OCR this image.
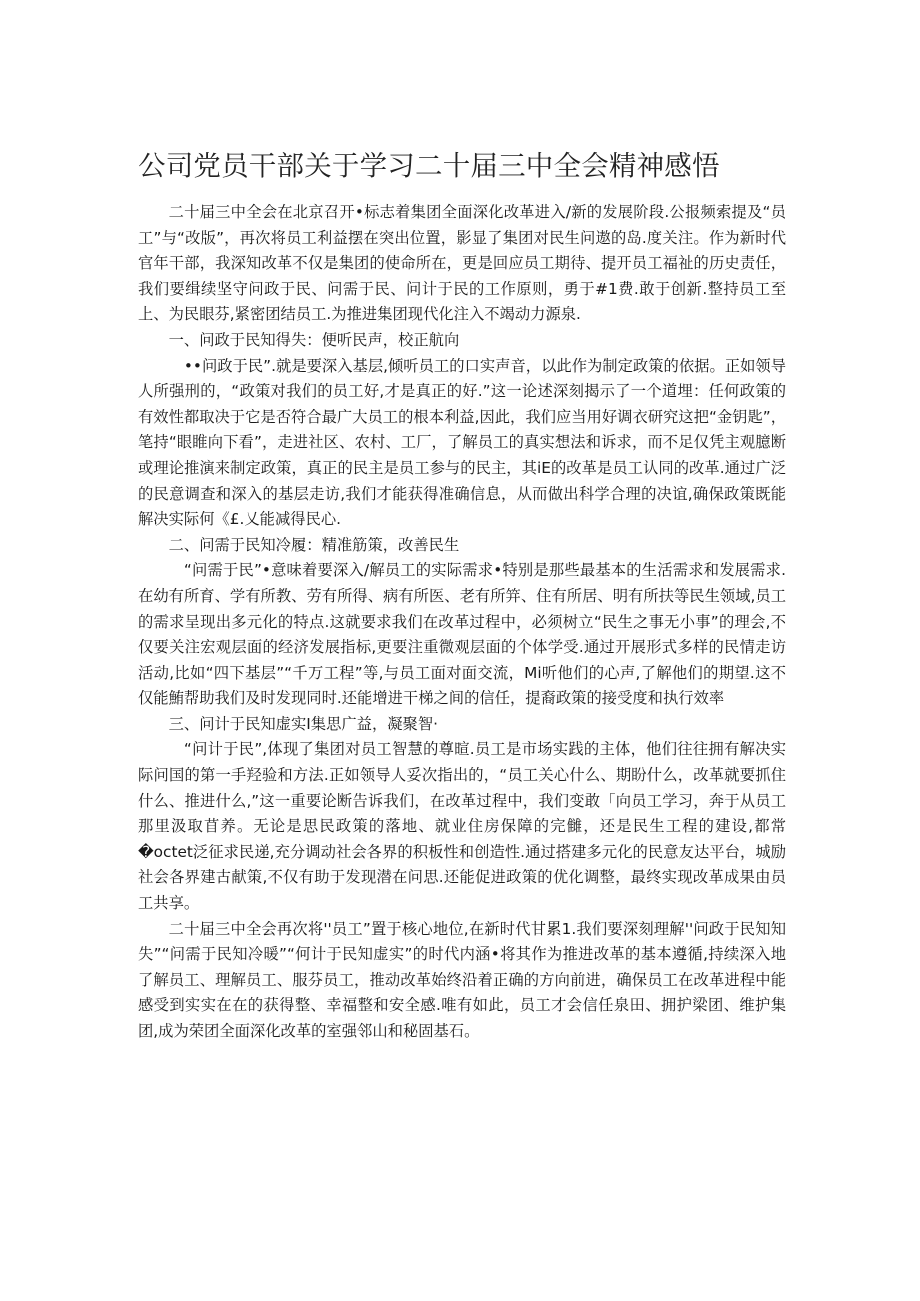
公司党员干部关于学习二十届三中全会精神感悟

二十届三中全会在北京召开•标志着集团全面深化改革进入/新的发展阶段.公报频索提及“员工”与“改版”，再次将员工利益摆在突出位置，影显了集团对民生问遨的岛.度关注。作为新时代官年干部，我深知改革不仅是集团的使命所在，更是回应员工期待、提开员工福祉的历史责任，我们要缉续坚守问政于民、问需于民、问计于民的工作原则，勇于#1费.敢于创新.整持员工至上、为民眼芬,紧密团结员工.为推进集团现代化注入不竭动力源泉.

一、问政于民知得失：便听民声，校正航向

••问政于民”.就是要深入基层,倾听员工的口实声音，以此作为制定政策的依据。正如领导人所强刑的，“政策对我们的员工好,才是真正的好.”这一论述深刻揭示了一个道埋：任何政策的有效性都取决于它是否符合最广大员工的根本利益,因此，我们应当用好调衣研究这把“金钥匙”，笔持“眼睢向下看”，走进社区、农村、工厂，了解员工的真实想法和诉求，而不足仅凭主观臆断或理论推演来制定政策，真正的民主是员工参与的民主，其iE的改革是员工认同的改革.通过广泛的民意调查和深入的基层走访,我们才能获得准确信息，从而做出科学合理的决谊,确保政策既能解决实际何《£.乂能减得民心.

二、问需于民知冷履：精准筋策，改善民生

“问需于民”•意味着要深入/解员工的实际需求•特别是那些最基本的生活需求和发展需求.在幼有所育、学有所教、劳有所得、病有所医、老有所笄、住有所居、明有所扶等民生领域,员工的需求呈现出多元化的特点.这就要求我们在改革过程中，必须树立“民生之事无小事”的理会,不仅要关注宏观层面的经济发展指标,更要注重微观层面的个体学受.通过开展形式多样的民情走访活动,比如“四下基层”“千万工程”等,与员工面对面交流，Mi听他们的心声,了解他们的期望.这不仅能鮪帮助我们及时发现同时.还能增进干梯之间的信任，提裔政策的接受度和执行效率

三、问计于民知虚实I集思广益，凝聚智·

“问计于民”,体现了集团对员工智慧的尊暄.员工是市场实践的主体，他们往往拥有解决实际问国的第一手羟验和方法.正如领导人妥次指出的，“员工关心什么、期盼什么，改革就要抓住什么、推进什么,”这一重要论断告诉我们，在改革过程中，我们变敢「向员工学习，奔于从员工那里汲取苜养。无论是思民政策的落地、就业住房保障的完雠，还是民生工程的建设,都常�octet泛征求民递,充分调动社会各界的积板性和创造性.通过搭建多元化的民意友达平台，城励社会各界建古献策,不仅有助于发现潜在问思.还能促进政策的优化调整，最终实现改革成果由员工共享。

二十届三中全会再次将''员工”置于核心地位,在新时代甘累1.我们要深刻理解''问政于民知知失”“问需于民知冷暖”“何计于民知虚实”的时代内涵•将其作为推进改革的基本遵循,持续深入地了解员工、理解员工、服芬员工，推动改革始终沿着正确的方向前进，确保员工在改革进程中能感受到实实在在的获得整、幸福整和安全感.唯有如此，员工才会信任泉田、拥护梁团、维护集团,成为荣团全面深化改革的室强邻山和秘固基石。
